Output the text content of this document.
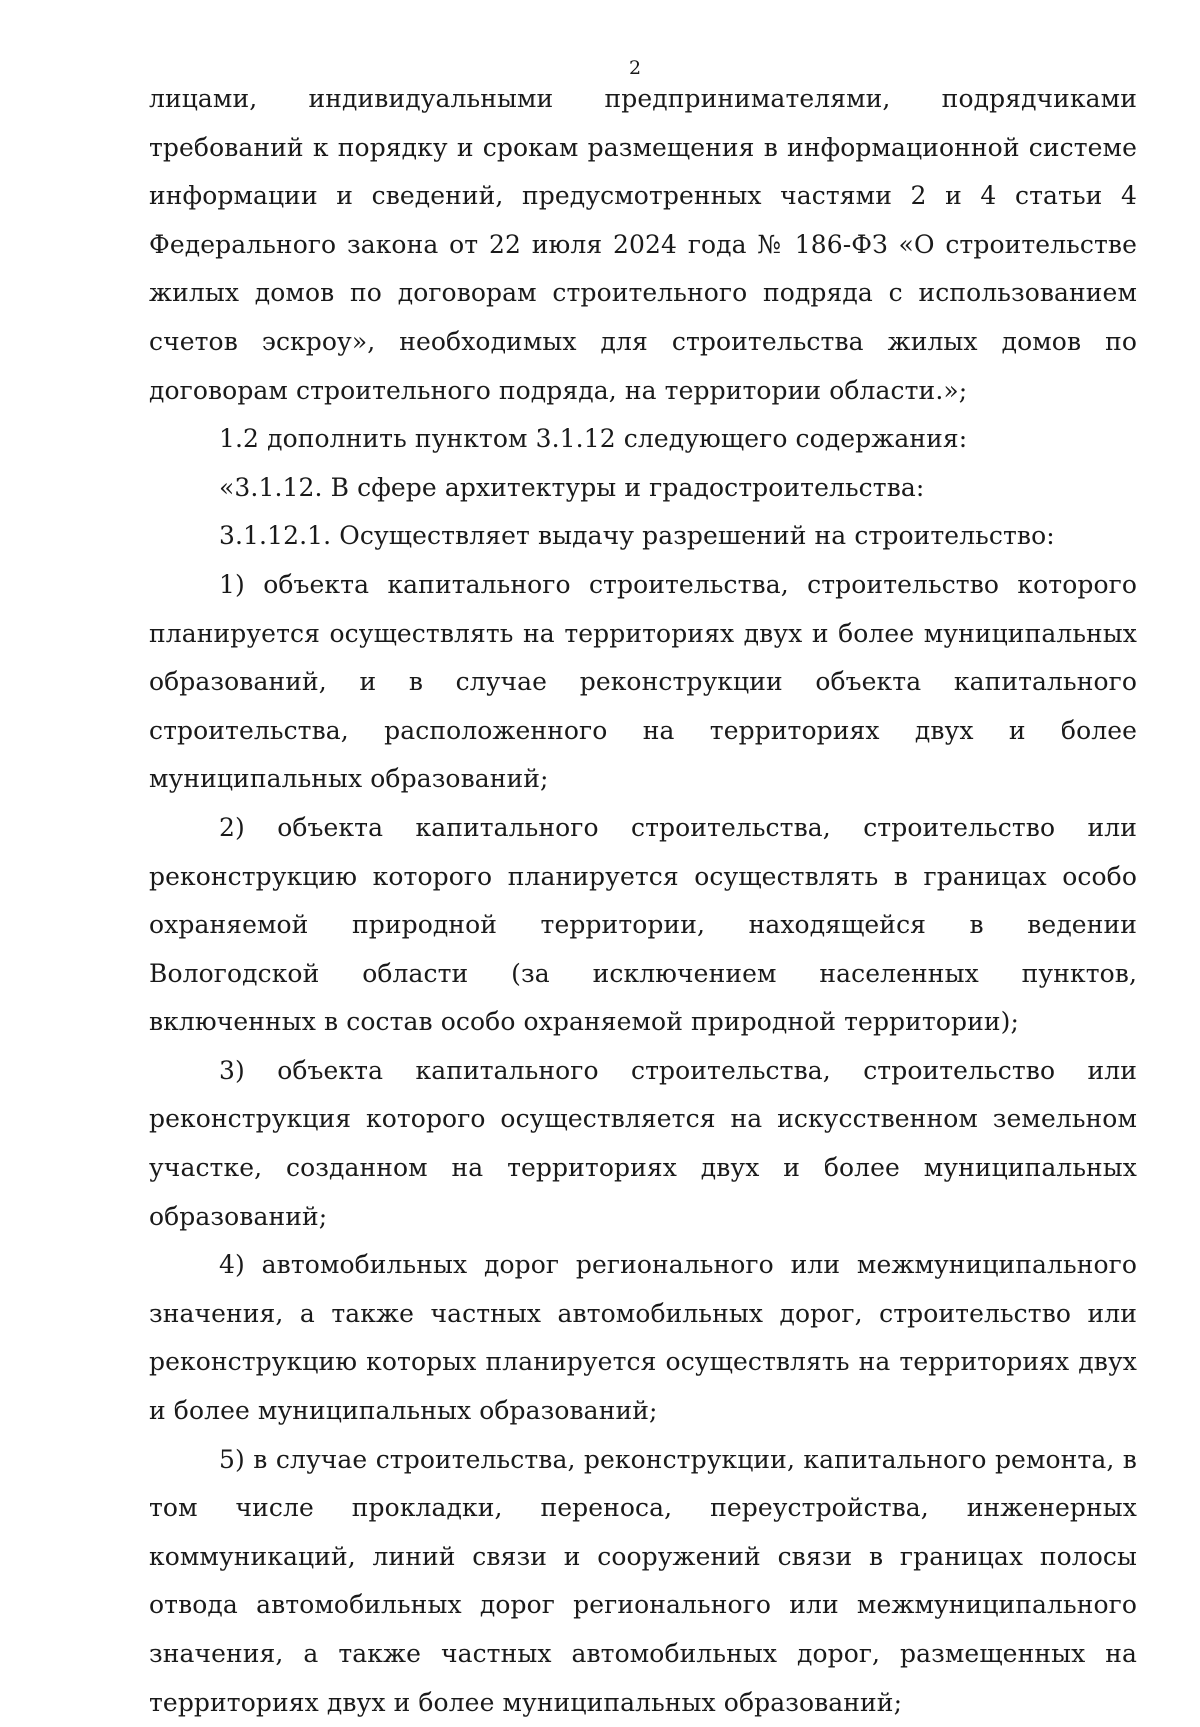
2

лицами, индивидуальными предпринимателями, подрядчиками требований к порядку и срокам размещения в информационной системе информации и сведений, предусмотренных частями 2 и 4 статьи 4 Федерального закона от 22 июля 2024 года № 186-ФЗ «О строительстве жилых домов по договорам строительного подряда с использованием счетов эскроу», необходимых для строительства жилых домов по договорам строительного подряда, на территории области.»;

1.2 дополнить пунктом 3.1.12 следующего содержания:

«3.1.12. В сфере архитектуры и градостроительства:

3.1.12.1. Осуществляет выдачу разрешений на строительство:

1) объекта капитального строительства, строительство которого планируется осуществлять на территориях двух и более муниципальных образований, и в случае реконструкции объекта капитального строительства, расположенного на территориях двух и более муниципальных образований;

2) объекта капитального строительства, строительство или реконструкцию которого планируется осуществлять в границах особо охраняемой природной территории, находящейся в ведении Вологодской области (за исключением населенных пунктов, включенных в состав особо охраняемой природной территории);

3) объекта капитального строительства, строительство или реконструкция которого осуществляется на искусственном земельном участке, созданном на территориях двух и более муниципальных образований;

4) автомобильных дорог регионального или межмуниципального значения, а также частных автомобильных дорог, строительство или реконструкцию которых планируется осуществлять на территориях двух и более муниципальных образований;

5) в случае строительства, реконструкции, капитального ремонта, в том числе прокладки, переноса, переустройства, инженерных коммуникаций, линий связи и сооружений связи в границах полосы отвода автомобильных дорог регионального или межмуниципального значения, а также частных автомобильных дорог, размещенных на территориях двух и более муниципальных образований;
